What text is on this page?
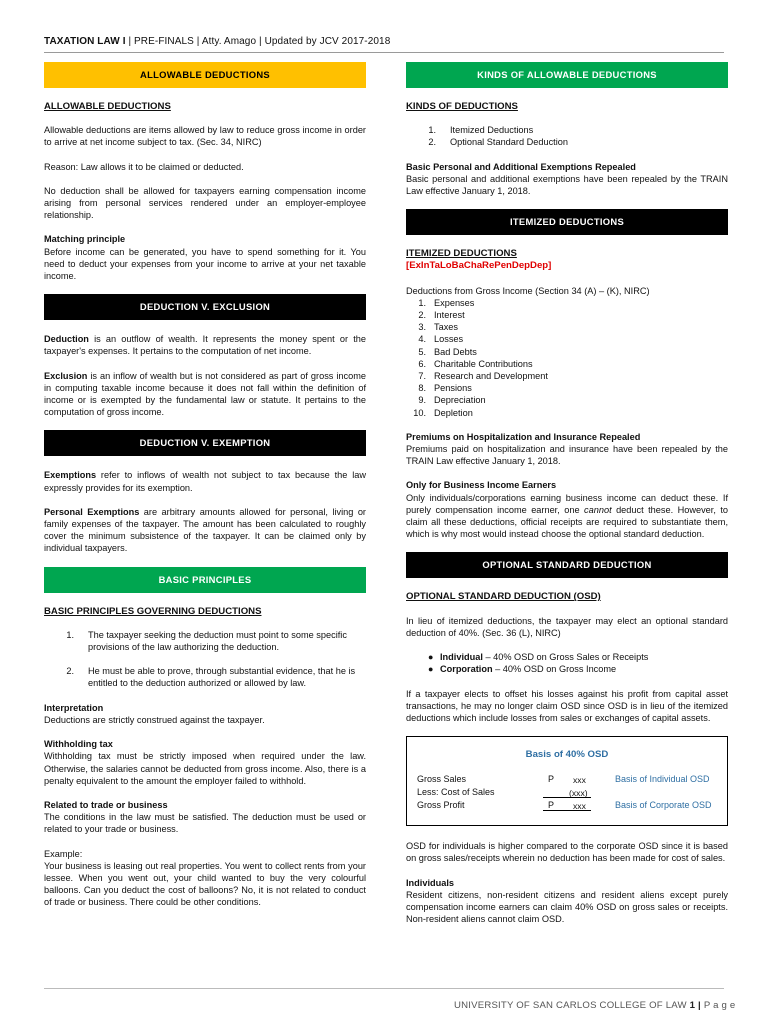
TAXATION LAW I | PRE-FINALS | Atty. Amago | Updated by JCV 2017-2018
ALLOWABLE DEDUCTIONS
ALLOWABLE DEDUCTIONS

Allowable deductions are items allowed by law to reduce gross income in order to arrive at net income subject to tax. (Sec. 34, NIRC)

Reason: Law allows it to be claimed or deducted.

No deduction shall be allowed for taxpayers earning compensation income arising from personal services rendered under an employer-employee relationship.

Matching principle
Before income can be generated, you have to spend something for it. You need to deduct your expenses from your income to arrive at your net taxable income.

DEDUCTION V. EXCLUSION

Deduction is an outflow of wealth. It represents the money spent or the taxpayer's expenses. It pertains to the computation of net income.

Exclusion is an inflow of wealth but is not considered as part of gross income in computing taxable income because it does not fall within the definition of income or is exempted by the fundamental law or statute. It pertains to the computation of gross income.

DEDUCTION V. EXEMPTION

Exemptions refer to inflows of wealth not subject to tax because the law expressly provides for its exemption.

Personal Exemptions are arbitrary amounts allowed for personal, living or family expenses of the taxpayer. The amount has been calculated to roughly cover the minimum subsistence of the taxpayer. It can be claimed only by individual taxpayers.

BASIC PRINCIPLES
BASIC PRINCIPLES GOVERNING DEDUCTIONS
1. The taxpayer seeking the deduction must point to some specific provisions of the law authorizing the deduction.
2. He must be able to prove, through substantial evidence, that he is entitled to the deduction authorized or allowed by law.

Interpretation
Deductions are strictly construed against the taxpayer.

Withholding tax
Withholding tax must be strictly imposed when required under the law. Otherwise, the salaries cannot be deducted from gross income. Also, there is a penalty equivalent to the amount the employer failed to withhold.

Related to trade or business
The conditions in the law must be satisfied. The deduction must be used or related to your trade or business.

Example:
Your business is leasing out real properties. You went to collect rents from your lessee. When you went out, your child wanted to buy the very colourful balloons. Can you deduct the cost of balloons? No, it is not related to conduct of trade or business. There could be other conditions.

KINDS OF ALLOWABLE DEDUCTIONS
KINDS OF DEDUCTIONS
1. Itemized Deductions
2. Optional Standard Deduction

Basic Personal and Additional Exemptions Repealed
Basic personal and additional exemptions have been repealed by the TRAIN Law effective January 1, 2018.

ITEMIZED DEDUCTIONS
ITEMIZED DEDUCTIONS
[ExInTaLoBaChaRePenDepDep]
Deductions from Gross Income (Section 34 (A) – (K), NIRC)
1. Expenses
2. Interest
3. Taxes
4. Losses
5. Bad Debts
6. Charitable Contributions
7. Research and Development
8. Pensions
9. Depreciation
10. Depletion

Premiums on Hospitalization and Insurance Repealed
Premiums paid on hospitalization and insurance have been repealed by the TRAIN Law effective January 1, 2018.

Only for Business Income Earners
Only individuals/corporations earning business income can deduct these. If purely compensation income earner, one cannot deduct these. However, to claim all these deductions, official receipts are required to substantiate them, which is why most would instead choose the optional standard deduction.

OPTIONAL STANDARD DEDUCTION
OPTIONAL STANDARD DEDUCTION (OSD)

In lieu of itemized deductions, the taxpayer may elect an optional standard deduction of 40%. (Sec. 36 (L), NIRC)

● Individual – 40% OSD on Gross Sales or Receipts
● Corporation – 40% OSD on Gross Income

If a taxpayer elects to offset his losses against his profit from capital asset transactions, he may no longer claim OSD since OSD is in lieu of the itemized deductions which include losses from sales or exchanges of capital assets.

Basis of 40% OSD
Gross Sales
Less: Cost of Sales
Gross Profit
P
P
xxx
(xxx)
xxx
Basis of Individual OSD
Basis of Corporate OSD

OSD for individuals is higher compared to the corporate OSD since it is based on gross sales/receipts wherein no deduction has been made for cost of sales.

Individuals
Resident citizens, non-resident citizens and resident aliens except purely compensation income earners can claim 40% OSD on gross sales or receipts. Non-resident aliens cannot claim OSD.

UNIVERSITY OF SAN CARLOS COLLEGE OF LAW 1 | P a g e
